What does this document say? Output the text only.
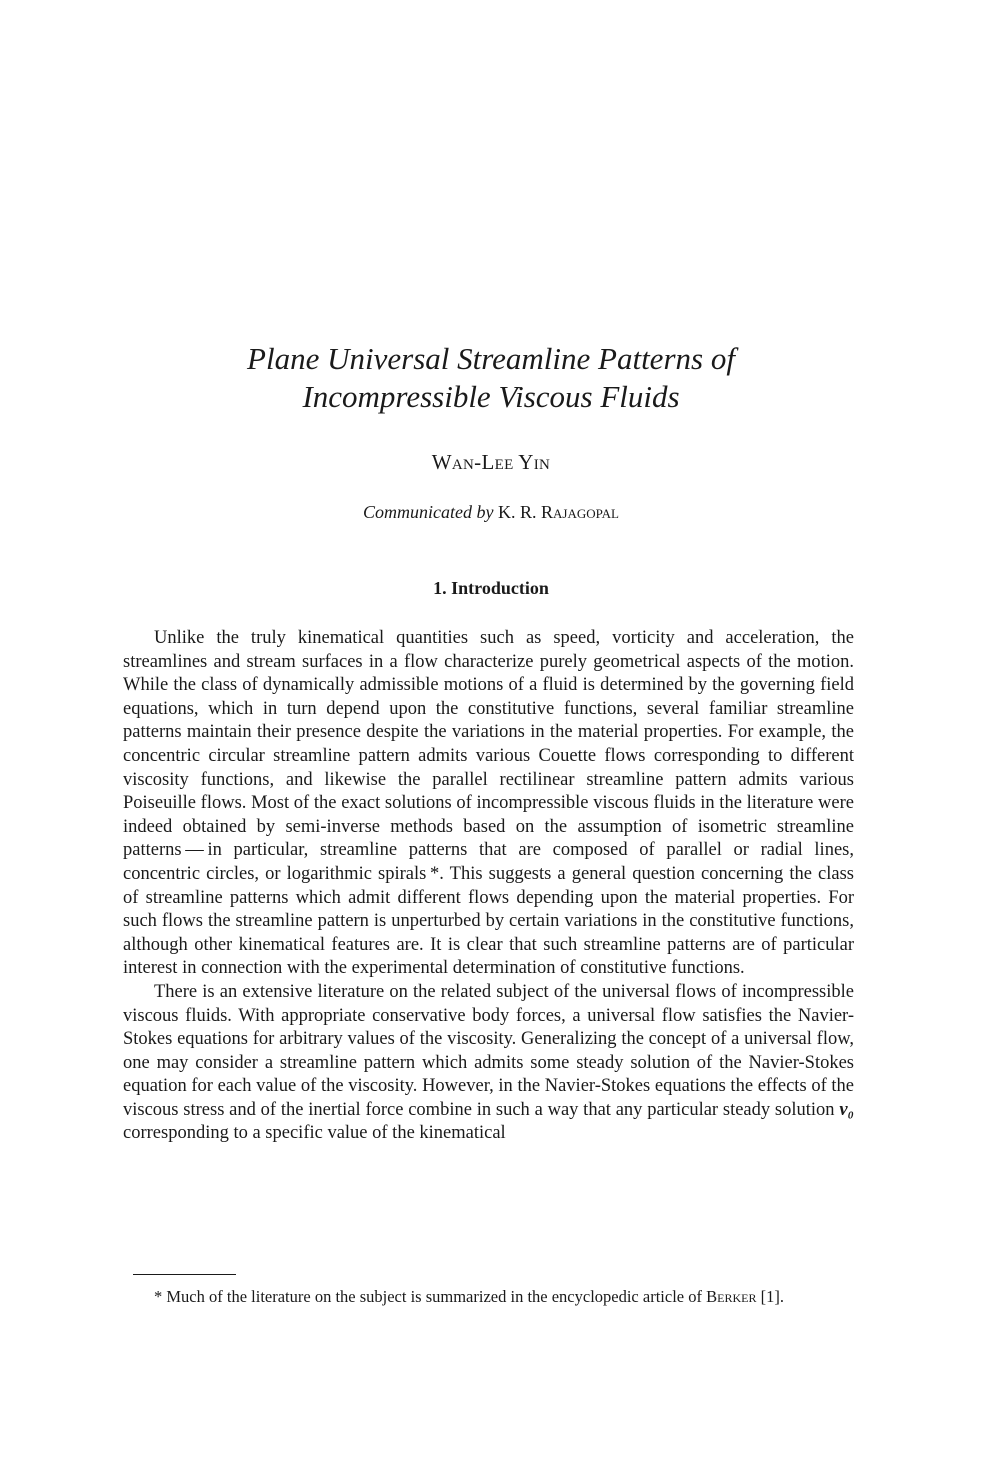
Plane Universal Streamline Patterns of
Incompressible Viscous Fluids
Wan-Lee Yin
Communicated by K. R. Rajagopal
1. Introduction

Unlike the truly kinematical quantities such as speed, vorticity and acceleration, the streamlines and stream surfaces in a flow characterize purely geometrical aspects of the motion. While the class of dynamically admissible motions of a fluid is determined by the governing field equations, which in turn depend upon the constitutive functions, several familiar streamline patterns maintain their presence despite the variations in the material properties. For example, the concentric circular streamline pattern admits various Couette flows corresponding to different viscosity functions, and likewise the parallel rectilinear streamline pattern admits various Poiseuille flows. Most of the exact solutions of incompressible viscous fluids in the literature were indeed obtained by semi-inverse methods based on the assumption of isometric streamline patterns — in particular, streamline patterns that are composed of parallel or radial lines, concentric circles, or logarithmic spirals *. This suggests a general question concerning the class of streamline patterns which admit different flows depending upon the material properties. For such flows the streamline pattern is unperturbed by certain variations in the constitutive functions, although other kinematical features are. It is clear that such streamline patterns are of particular interest in connection with the experimental determination of constitutive functions.

There is an extensive literature on the related subject of the universal flows of incompressible viscous fluids. With appropriate conservative body forces, a universal flow satisfies the Navier-Stokes equations for arbitrary values of the viscosity. Generalizing the concept of a universal flow, one may consider a streamline pattern which admits some steady solution of the Navier-Stokes equation for each value of the viscosity. However, in the Navier-Stokes equations the effects of the viscous stress and of the inertial force combine in such a way that any particular steady solution v₀ corresponding to a specific value of the kinematical

* Much of the literature on the subject is summarized in the encyclopedic article of Berker [1].
